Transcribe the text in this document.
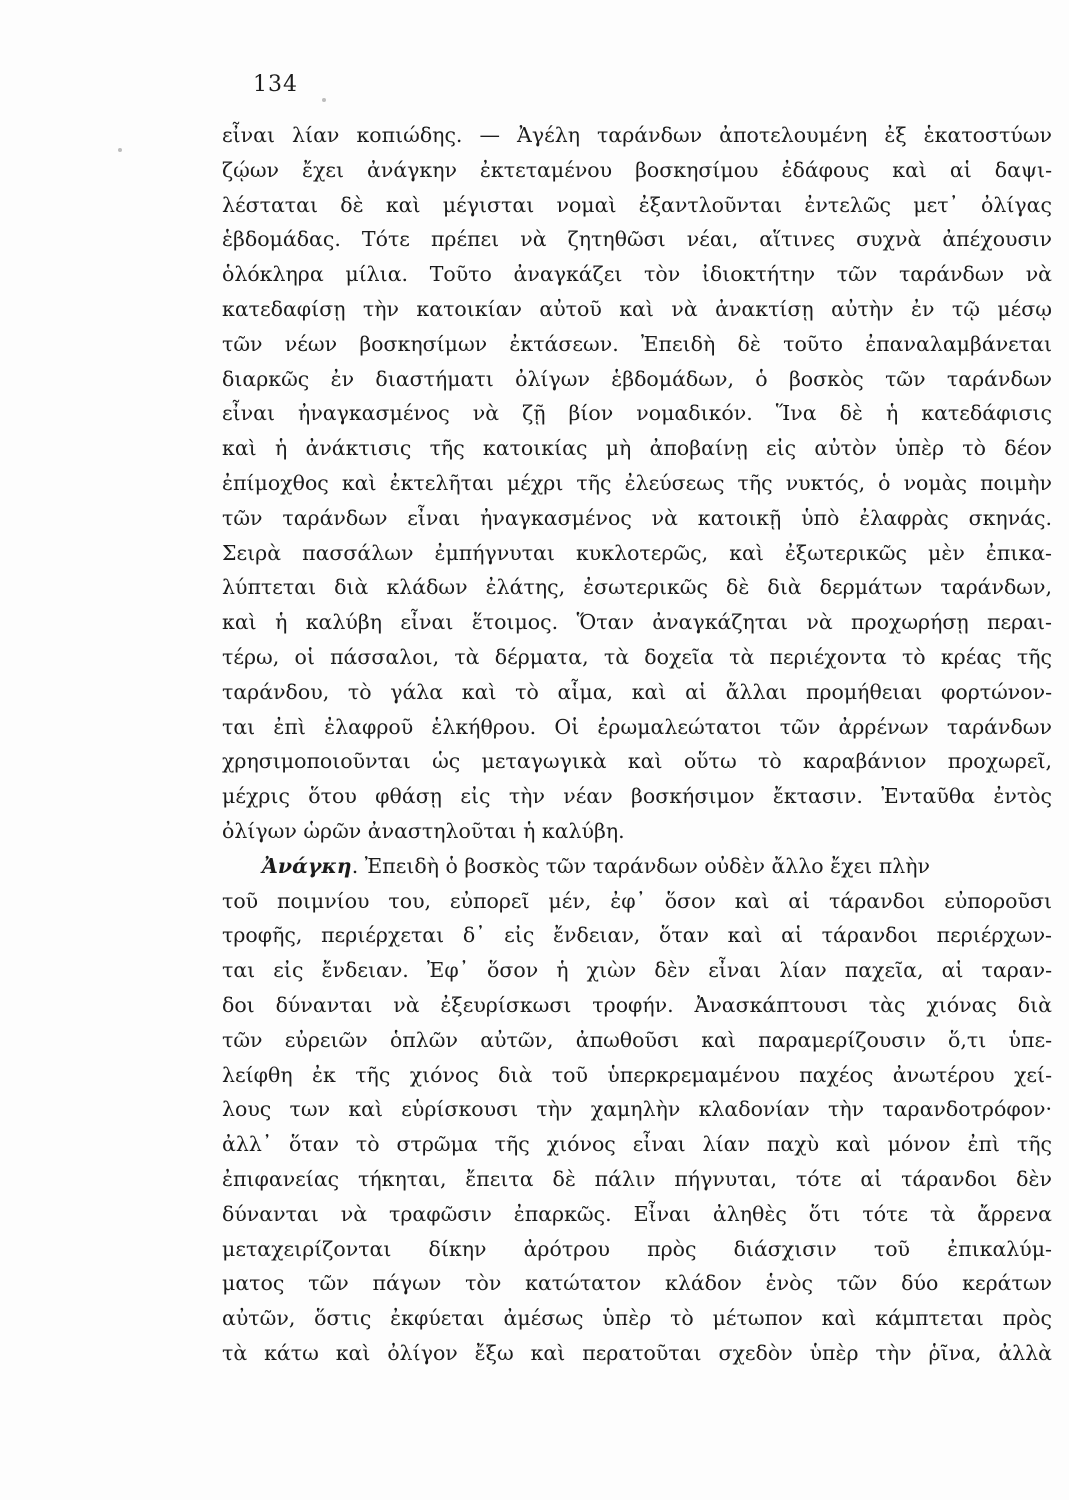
134
εἶναι λίαν κοπιώδης. — Ἀγέλη ταράνδων ἀποτελουμένη ἐξ ἑκατοστύων
ζῴων ἔχει ἀνάγκην ἐκτεταμένου βοσκησίμου ἐδάφους καὶ αἱ δαψι-
λέσταται δὲ καὶ μέγισται νομαὶ ἐξαντλοῦνται ἐντελῶς μετ᾽ ὀλίγας
ἑβδομάδας. Τότε πρέπει νὰ ζητηθῶσι νέαι, αἵτινες συχνὰ ἀπέχουσιν
ὁλόκληρα μίλια. Τοῦτο ἀναγκάζει τὸν ἰδιοκτήτην τῶν ταράνδων νὰ
κατεδαφίσῃ τὴν κατοικίαν αὐτοῦ καὶ νὰ ἀνακτίσῃ αὐτὴν ἐν τῷ μέσῳ
τῶν νέων βοσκησίμων ἐκτάσεων. Ἐπειδὴ δὲ τοῦτο ἐπαναλαμβάνεται
διαρκῶς ἐν διαστήματι ὀλίγων ἑβδομάδων, ὁ βοσκὸς τῶν ταράνδων
εἶναι ἠναγκασμένος νὰ ζῇ βίον νομαδικόν. Ἵνα δὲ ἡ κατεδάφισις
καὶ ἡ ἀνάκτισις τῆς κατοικίας μὴ ἀποβαίνῃ εἰς αὐτὸν ὑπὲρ τὸ δέον
ἐπίμοχθος καὶ ἐκτελῆται μέχρι τῆς ἐλεύσεως τῆς νυκτός, ὁ νομὰς ποιμὴν
τῶν ταράνδων εἶναι ἠναγκασμένος νὰ κατοικῇ ὑπὸ ἐλαφρὰς σκηνάς.
Σειρὰ πασσάλων ἐμπήγνυται κυκλοτερῶς, καὶ ἐξωτερικῶς μὲν ἐπικα-
λύπτεται διὰ κλάδων ἐλάτης, ἐσωτερικῶς δὲ διὰ δερμάτων ταράνδων,
καὶ ἡ καλύβη εἶναι ἕτοιμος. Ὅταν ἀναγκάζηται νὰ προχωρήσῃ περαι-
τέρω, οἱ πάσσαλοι, τὰ δέρματα, τὰ δοχεῖα τὰ περιέχοντα τὸ κρέας τῆς
ταράνδου, τὸ γάλα καὶ τὸ αἷμα, καὶ αἱ ἄλλαι προμήθειαι φορτώνον-
ται ἐπὶ ἐλαφροῦ ἑλκήθρου. Οἱ ἐρωμαλεώτατοι τῶν ἀρρένων ταράνδων
χρησιμοποιοῦνται ὡς μεταγωγικὰ καὶ οὕτω τὸ καραβάνιον προχωρεῖ,
μέχρις ὅτου φθάσῃ εἰς τὴν νέαν βοσκήσιμον ἔκτασιν. Ἐνταῦθα ἐντὸς
ὀλίγων ὡρῶν ἀναστηλοῦται ἡ καλύβη.
Ἀνάγκη. Ἐπειδὴ ὁ βοσκὸς τῶν ταράνδων οὐδὲν ἄλλο ἔχει πλὴν
τοῦ ποιμνίου του, εὐπορεῖ μέν, ἐφ᾽ ὅσον καὶ αἱ τάρανδοι εὐποροῦσι
τροφῆς, περιέρχεται δ᾽ εἰς ἔνδειαν, ὅταν καὶ αἱ τάρανδοι περιέρχων-
ται εἰς ἔνδειαν. Ἐφ᾽ ὅσον ἡ χιὼν δὲν εἶναι λίαν παχεῖα, αἱ ταραν-
δοι δύνανται νὰ ἐξευρίσκωσι τροφήν. Ἀνασκάπτουσι τὰς χιόνας διὰ
τῶν εὐρειῶν ὁπλῶν αὐτῶν, ἀπωθοῦσι καὶ παραμερίζουσιν ὅ,τι ὑπε-
λείφθη ἐκ τῆς χιόνος διὰ τοῦ ὑπερκρεμαμένου παχέος ἀνωτέρου χεί-
λους των καὶ εὑρίσκουσι τὴν χαμηλὴν κλαδονίαν τὴν ταρανδοτρόφον·
ἀλλ᾽ ὅταν τὸ στρῶμα τῆς χιόνος εἶναι λίαν παχὺ καὶ μόνον ἐπὶ τῆς
ἐπιφανείας τήκηται, ἔπειτα δὲ πάλιν πήγνυται, τότε αἱ τάρανδοι δὲν
δύνανται νὰ τραφῶσιν ἐπαρκῶς. Εἶναι ἀληθὲς ὅτι τότε τὰ ἄρρενα
μεταχειρίζονται δίκην ἀρότρου πρὸς διάσχισιν τοῦ ἐπικαλύμ-
ματος τῶν πάγων τὸν κατώτατον κλάδον ἑνὸς τῶν δύο κεράτων
αὐτῶν, ὅστις ἐκφύεται ἀμέσως ὑπὲρ τὸ μέτωπον καὶ κάμπτεται πρὸς
τὰ κάτω καὶ ὀλίγον ἔξω καὶ περατοῦται σχεδὸν ὑπὲρ τὴν ῥῖνα, ἀλλὰ
